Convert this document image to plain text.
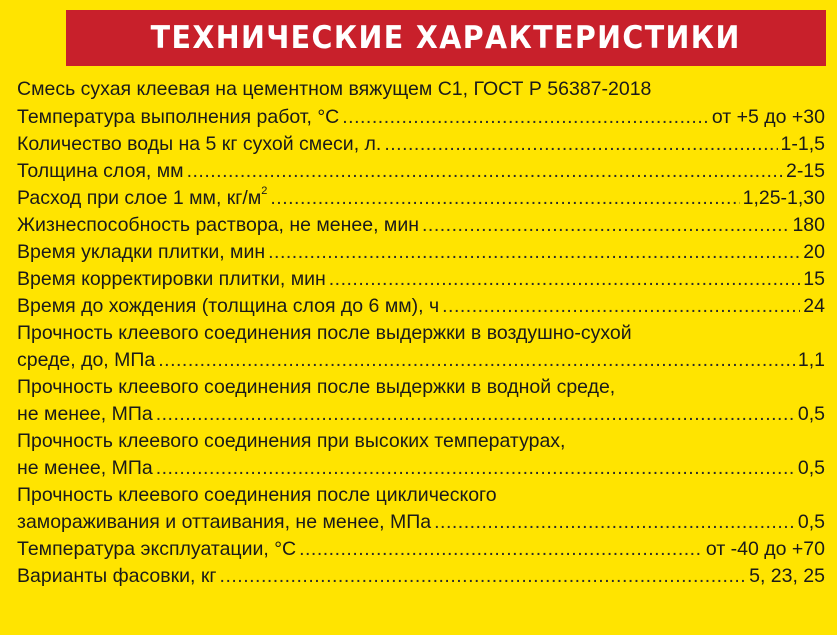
ТЕХНИЧЕСКИЕ ХАРАКТЕРИСТИКИ
Смесь сухая клеевая на цементном вяжущем С1, ГОСТ Р 56387-2018
Температура выполнения работ, °С .....	от +5 до +30
Количество воды на 5 кг сухой смеси, л. .....	1-1,5
Толщина слоя, мм .....	2-15
Расход при слое 1 мм, $кг/м^2$ .....	1,25-1,30
Жизнеспособность раствора, не менее, мин .....	180
Время укладки плитки, мин .....	20
Время корректировки плитки, мин .....	15
Время до хождения (толщина слоя до 6 мм), ч .....	24
Прочность клеевого соединения после выдержки в воздушно-сухой
среде, до, МПа .....	1,1
Прочность клеевого соединения после выдержки в водной среде,
не менее, МПа .....	0,5
Прочность клеевого соединения при высоких температурах,
не менее, МПа .....	0,5
Прочность клеевого соединения после циклического
замораживания и оттаивания, не менее, МПа .....	0,5
Температура эксплуатации, °С .....	от -40 до +70
Варианты фасовки, кг .....	5, 23, 25
